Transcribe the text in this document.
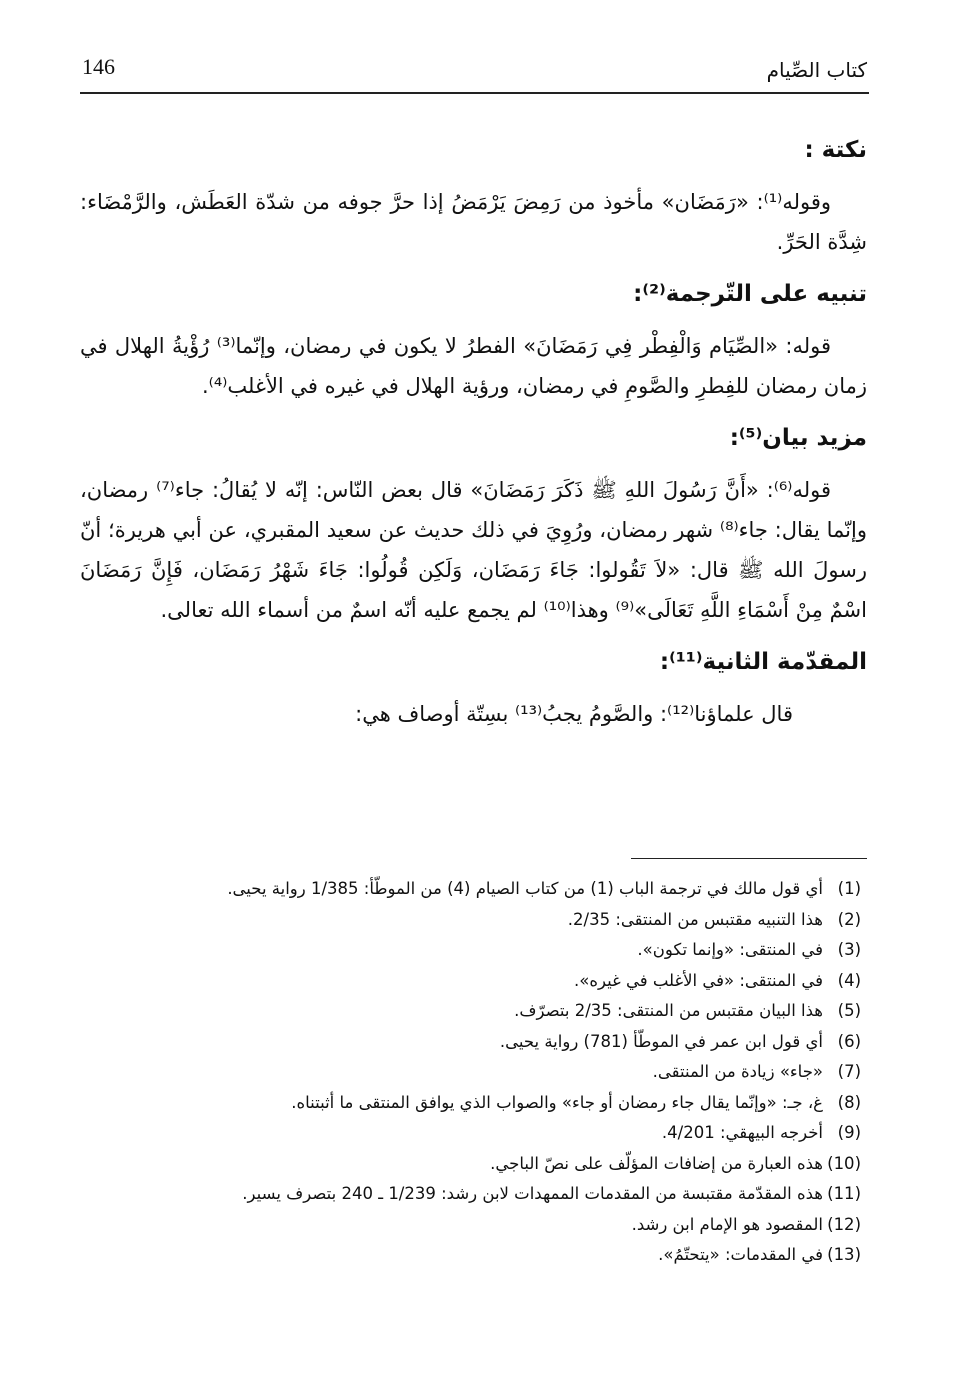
كتاب الصِّيام
146
نكتة :
وقوله⁽¹⁾: «رَمَضَان» مأخوذ من رَمِضَ يَرْمَضُ إذا حرَّ جوفه من شدّة العَطَش، والرَّمْضَاء: شِدَّة الحَرِّ.
تنبيه على التّرجمة⁽²⁾:
قوله: «الصِّيَام وَالْفِطْر فِي رَمَضَانَ» الفطرُ لا يكون في رمضان، وإنّما⁽³⁾ رُؤْيةُ الهلال في زمان رمضان للفِطرِ والصَّومِ في رمضان، ورؤية الهلال في غيره في الأغلب⁽⁴⁾.
مزيد بيان⁽⁵⁾:
قوله⁽⁶⁾: «أَنَّ رَسُولَ اللهِ ﷺ ذَكَرَ رَمَضَانَ» قال بعض النّاس: إنّه لا يُقالُ: جاء⁽⁷⁾ رمضان، وإنّما يقال: جاء⁽⁸⁾ شهر رمضان، ورُوِيَ في ذلك حديث عن سعيد المقبري، عن أبي هريرة؛ أنّ رسولَ الله ﷺ قال: «لاَ تَقُولوا: جَاءَ رَمَضَان، وَلَكِن قُولُوا: جَاءَ شَهْرُ رَمَضَان، فَإِنَّ رَمَضَانَ اسْمٌ مِنْ أَسْمَاءِ اللَّهِ تَعَالَى»⁽⁹⁾ وهذا⁽¹⁰⁾ لم يجمع عليه أنّه اسمٌ من أسماء الله تعالى.
المقدّمة الثانية⁽¹¹⁾:
قال علماؤنا⁽¹²⁾: والصَّومُ يجبُ⁽¹³⁾ بسِتّة أوصاف هي:
(1)أي قول مالك في ترجمة الباب (1) من كتاب الصيام (4) من الموطّأ: 1/385 رواية يحيى.
(2)هذا التنبيه مقتبس من المنتقى: 2/35.
(3)في المنتقى: «وإنما تكون».
(4)في المنتقى: «في الأغلب في غيره».
(5)هذا البيان مقتبس من المنتقى: 2/35 بتصرّف.
(6)أي قول ابن عمر في الموطّأ (781) رواية يحيى.
(7)«جاء» زيادة من المنتقى.
(8)غ، جـ: «وإنّما يقال جاء رمضان أو جاء» والصواب الذي يوافق المنتقى ما أثبتناه.
(9)أخرجه البيهقي: 4/201.
(10)هذه العبارة من إضافات المؤلّف على نصّ الباجي.
(11)هذه المقدّمة مقتبسة من المقدمات الممهدات لابن رشد: 1/239 ـ 240 بتصرف يسير.
(12)المقصود هو الإمام ابن رشد.
(13)في المقدمات: «يتحتّمُ».
